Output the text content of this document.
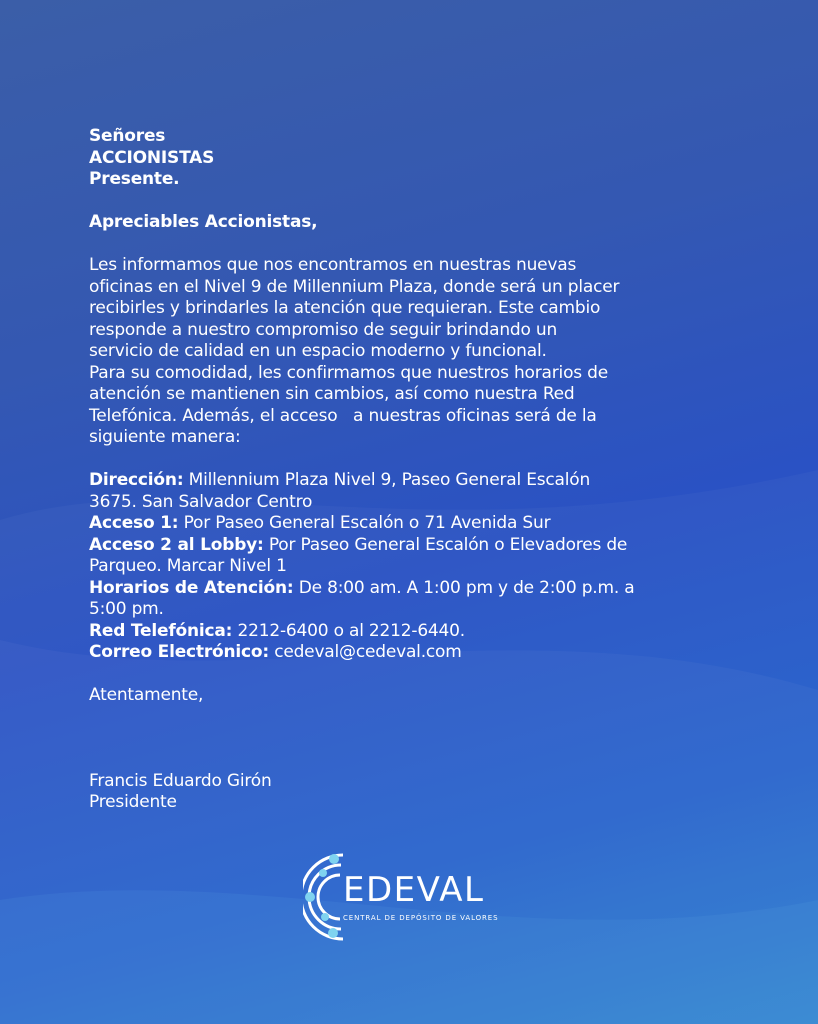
Señores

ACCIONISTAS

Presente.

Apreciables Accionistas,

Les informamos que nos encontramos en nuestras nuevas

oficinas en el Nivel 9 de Millennium Plaza, donde será un placer

recibirles y brindarles la atención que requieran. Este cambio

responde a nuestro compromiso de seguir brindando un

servicio de calidad en un espacio moderno y funcional.

Para su comodidad, les confirmamos que nuestros horarios de

atención se mantienen sin cambios, así como nuestra Red

Telefónica. Además, el acceso   a nuestras oficinas será de la

siguiente manera:

Dirección: Millennium Plaza Nivel 9, Paseo General Escalón

3675. San Salvador Centro

Acceso 1: Por Paseo General Escalón o 71 Avenida Sur

Acceso 2 al Lobby: Por Paseo General Escalón o Elevadores de

Parqueo. Marcar Nivel 1

Horarios de Atención: De 8:00 am. A 1:00 pm y de 2:00 p.m. a

5:00 pm.

Red Telefónica: 2212-6400 o al 2212-6440.

Correo Electrónico: cedeval@cedeval.com

Atentamente,

Francis Eduardo Girón

Presidente

EDEVAL
CENTRAL DE DEPÓSITO DE VALORES
